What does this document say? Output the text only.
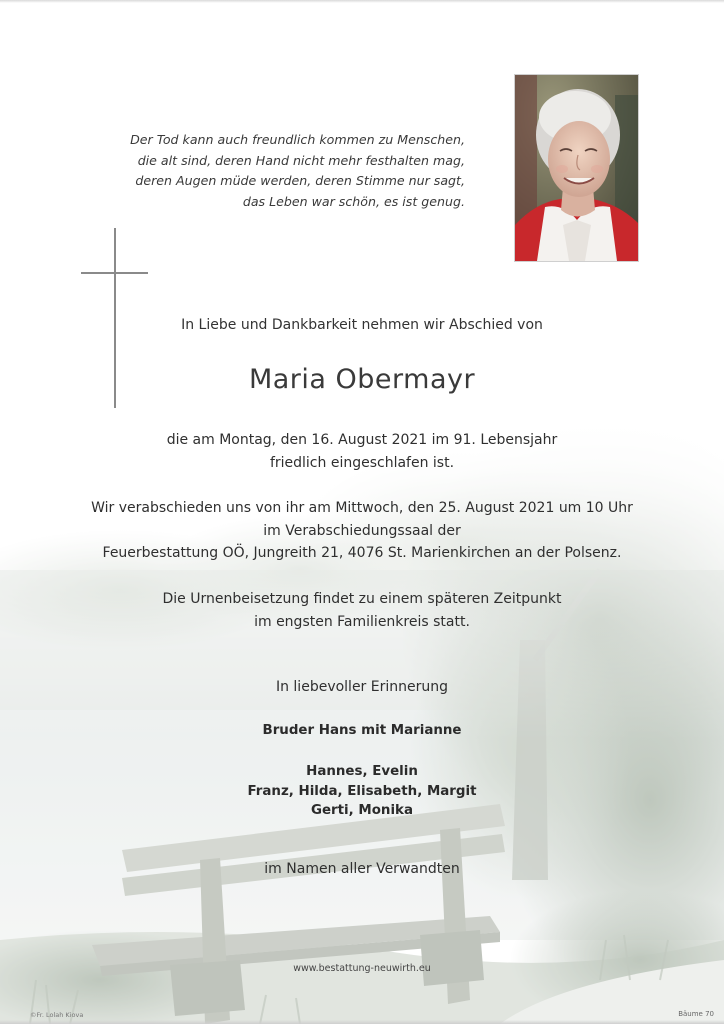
Der Tod kann auch freundlich kommen zu Menschen,
die alt sind, deren Hand nicht mehr festhalten mag,
deren Augen müde werden, deren Stimme nur sagt,
das Leben war schön, es ist genug.
In Liebe und Dankbarkeit nehmen wir Abschied von
Maria Obermayr
die am Montag, den 16. August 2021 im 91. Lebensjahr
friedlich eingeschlafen ist.
Wir verabschieden uns von ihr am Mittwoch, den 25. August 2021 um 10 Uhr
im Verabschiedungssaal der
Feuerbestattung OÖ, Jungreith 21, 4076 St. Marienkirchen an der Polsenz.
Die Urnenbeisetzung findet zu einem späteren Zeitpunkt
im engsten Familienkreis statt.
In liebevoller Erinnerung
Bruder Hans mit Marianne
Hannes, Evelin
Franz, Hilda, Elisabeth, Margit
Gerti, Monika
im Namen aller Verwandten
www.bestattung-neuwirth.eu
©Fr. Lolah Kiova	Bäume 70
